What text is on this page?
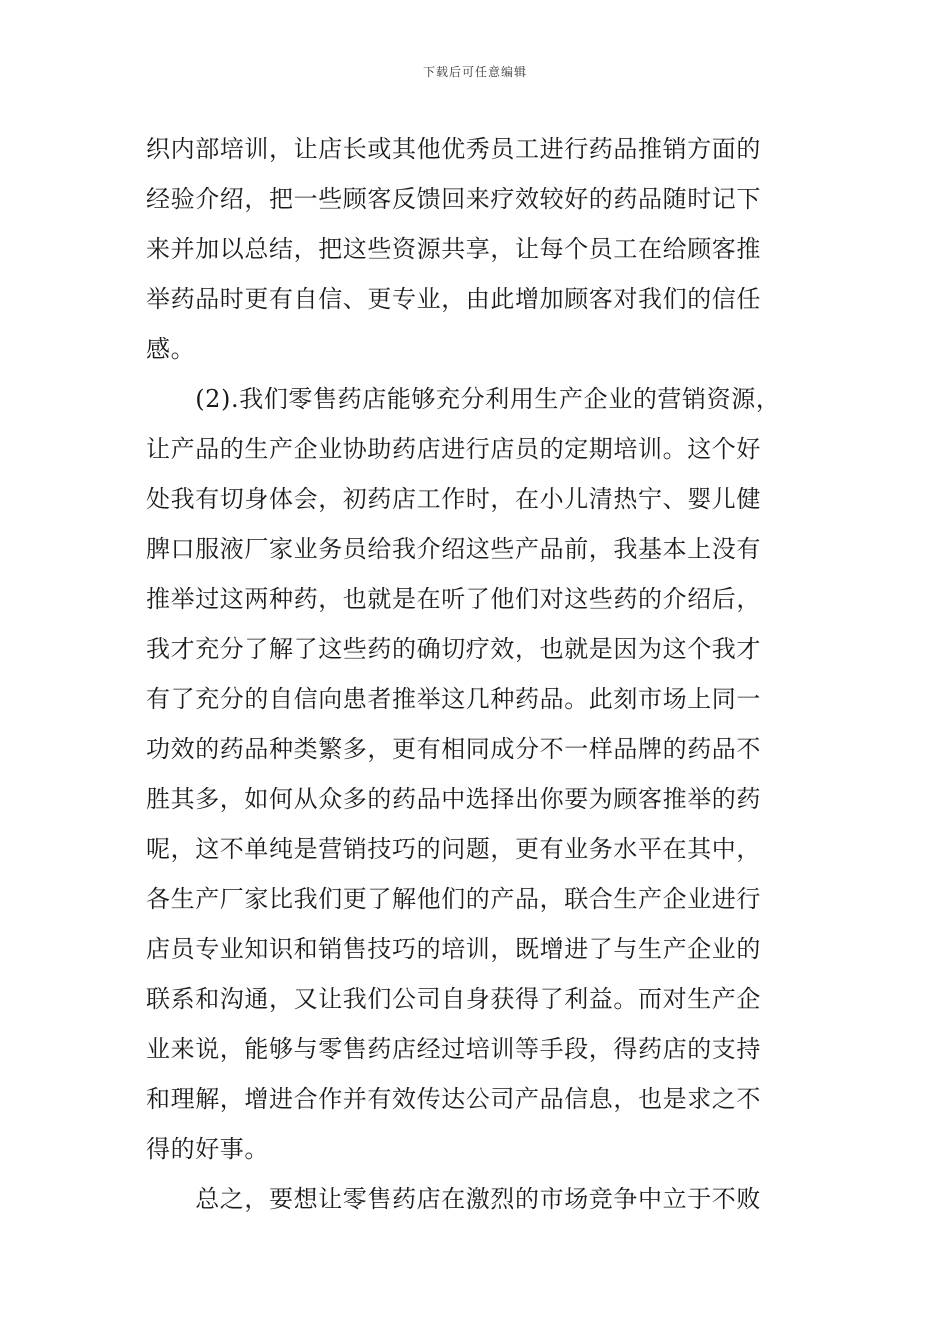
下载后可任意编辑
织内部培训，让店长或其他优秀员工进行药品推销方面的
经验介绍，把一些顾客反馈回来疗效较好的药品随时记下
来并加以总结，把这些资源共享，让每个员工在给顾客推
举药品时更有自信、更专业，由此增加顾客对我们的信任
感。
　　(2).我们零售药店能够充分利用生产企业的营销资源，
让产品的生产企业协助药店进行店员的定期培训。这个好
处我有切身体会，初药店工作时，在小儿清热宁、婴儿健
脾口服液厂家业务员给我介绍这些产品前，我基本上没有
推举过这两种药，也就是在听了他们对这些药的介绍后，
我才充分了解了这些药的确切疗效，也就是因为这个我才
有了充分的自信向患者推举这几种药品。此刻市场上同一
功效的药品种类繁多，更有相同成分不一样品牌的药品不
胜其多，如何从众多的药品中选择出你要为顾客推举的药
呢，这不单纯是营销技巧的问题，更有业务水平在其中，
各生产厂家比我们更了解他们的产品，联合生产企业进行
店员专业知识和销售技巧的培训，既增进了与生产企业的
联系和沟通，又让我们公司自身获得了利益。而对生产企
业来说，能够与零售药店经过培训等手段，得药店的支持
和理解，增进合作并有效传达公司产品信息，也是求之不
得的好事。
　　总之，要想让零售药店在激烈的市场竞争中立于不败
